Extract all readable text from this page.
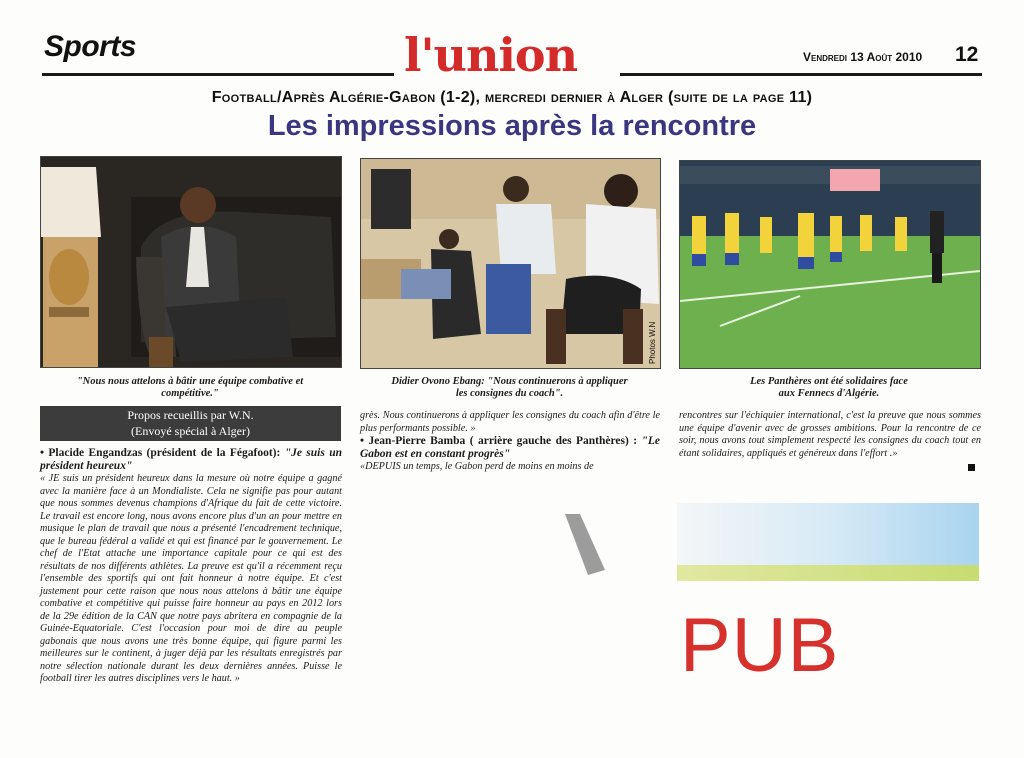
Sports	l'union	Vendredi 13 Août 2010 12
Football/Après Algérie-Gabon (1-2), mercredi dernier à Alger (suite de la page 11)
Les impressions après la rencontre
Photos W.N
"Nous nous attelons à bâtir une équipe combative et
compétitive."
Didier Ovono Ebang: "Nous continuerons à appliquer
les consignes du coach".
Les Panthères ont été solidaires face
aux Fennecs d'Algérie.
Propos recueillis par W.N.
(Envoyé spécial à Alger)
• Placide Engandzas (président de la Fégafoot): "Je suis un président heureux"
« JE suis un président heureux dans la mesure où notre équipe a gagné avec la manière face à un Mondialiste. Cela ne signifie pas pour autant que nous sommes devenus champions d'Afrique du fait de cette victoire. Le travail est encore long, nous avons encore plus d'un an pour mettre en musique le plan de travail que nous a présenté l'encadrement technique, que le bureau fédéral a validé et qui est financé par le gouvernement. Le chef de l'Etat attache une importance capitale pour ce qui est des résultats de nos différents athlètes. La preuve est qu'il a récemment reçu l'ensemble des sportifs qui ont fait honneur à notre équipe. Et c'est justement pour cette raison que nous nous attelons à bâtir une équipe combative et compétitive qui puisse faire honneur au pays en 2012 lors de la 29e édition de la CAN que notre pays abritera en compagnie de la Guinée-Equatoriale. C'est l'occasion pour moi de dire au peuple gabonais que nous avons une très bonne équipe, qui figure parmi les meilleures sur le continent, à juger déjà par les résultats enregistrés par notre sélection nationale durant les deux dernières années. Puisse le football tirer les autres disciplines vers le haut. »
grès. Nous continuerons à appliquer les consignes du coach afin d'être le plus performants possible. »
• Jean-Pierre Bamba ( arrière gauche des Panthères) : "Le Gabon est en constant progrès"
«DEPUIS un temps, le Gabon perd de moins en moins de
rencontres sur l'échiquier international, c'est la preuve que nous sommes une équipe d'avenir avec de grosses ambitions. Pour la rencontre de ce soir, nous avons tout simplement respecté les consignes du coach tout en étant solidaires, appliqués et généreux dans l'effort .»
PUB
